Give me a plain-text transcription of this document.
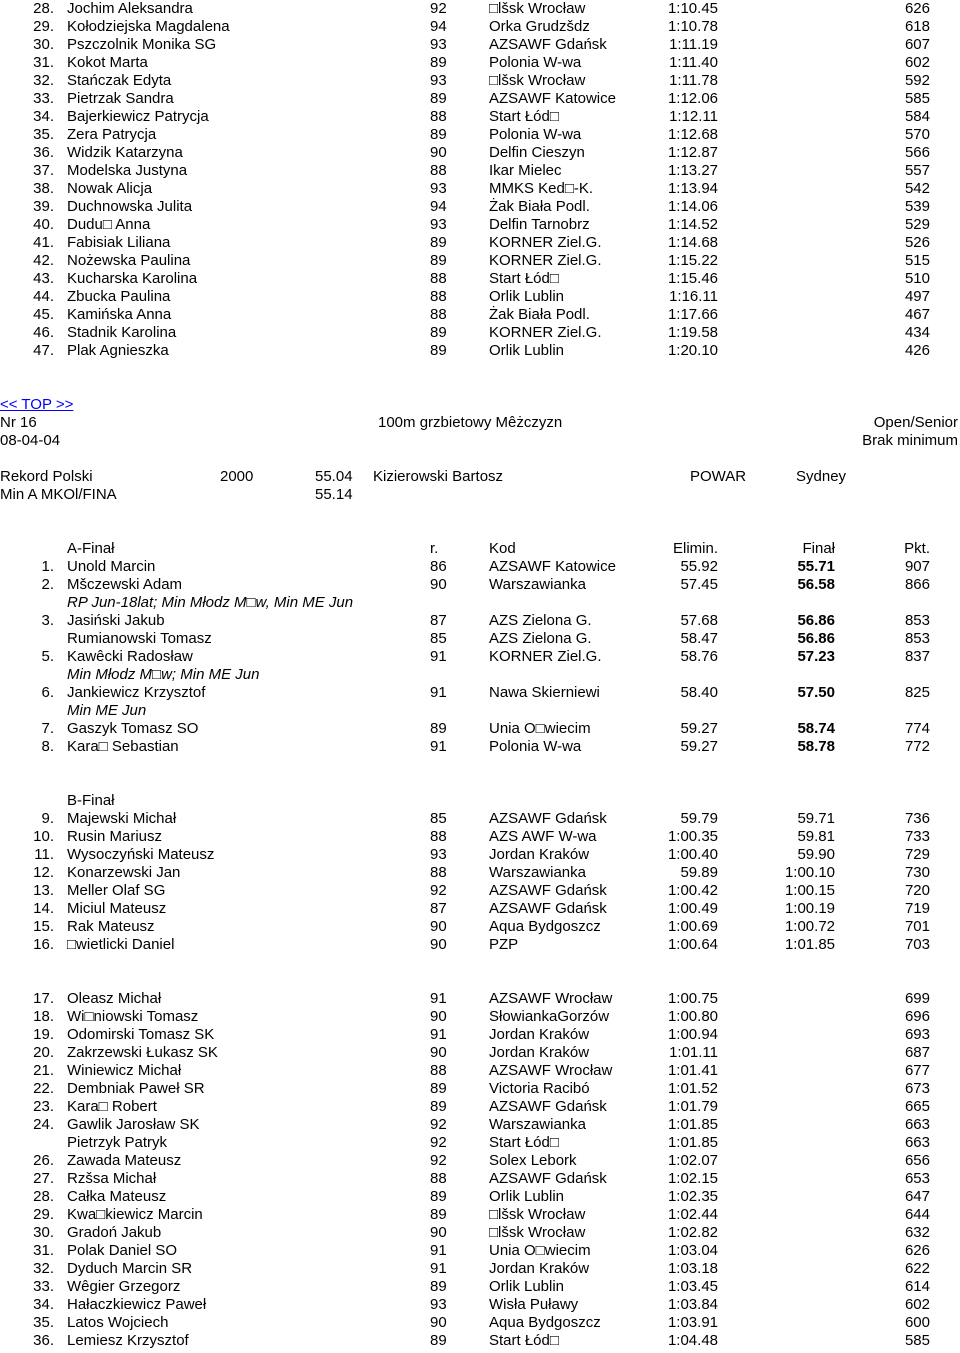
28. Jochim Aleksandra	92	□lšsk Wrocław	1:10.45	626
29. Kołodziejska Magdalena	94	Orka Grudzšdz	1:10.78	618
30. Pszczolnik Monika SG	93	AZSAWF Gdańsk	1:11.19	607
31. Kokot Marta	89	Polonia W-wa	1:11.40	602
32. Stańczak Edyta	93	□lšsk Wrocław	1:11.78	592
33. Pietrzak Sandra	89	AZSAWF Katowice	1:12.06	585
34. Bajerkiewicz Patrycja	88	Start Łód□	1:12.11	584
35. Zera Patrycja	89	Polonia W-wa	1:12.68	570
36. Widzik Katarzyna	90	Delfin Cieszyn	1:12.87	566
37. Modelska Justyna	88	Ikar Mielec	1:13.27	557
38. Nowak Alicja	93	MMKS Ked□-K.	1:13.94	542
39. Duchnowska Julita	94	Żak Biała Podl.	1:14.06	539
40. Dudu□ Anna	93	Delfin Tarnobrz	1:14.52	529
41. Fabisiak Liliana	89	KORNER Ziel.G.	1:14.68	526
42. Nożewska Paulina	89	KORNER Ziel.G.	1:15.22	515
43. Kucharska Karolina	88	Start Łód□	1:15.46	510
44. Zbucka Paulina	88	Orlik Lublin	1:16.11	497
45. Kamińska Anna	88	Żak Biała Podl.	1:17.66	467
46. Stadnik Karolina	89	KORNER Ziel.G.	1:19.58	434
47. Plak Agnieszka	89	Orlik Lublin	1:20.10	426
<< TOP >>
Nr 16	100m grzbietowy Mêżczyzn	Open/Senior
08-04-04	Brak minimum
Rekord Polski	2000	55.04 Kizierowski Bartosz	POWAR	Sydney
Min A MKOl/FINA	55.14
A-Finał	r.	Kod	Elimin.	Finał	Pkt.
1. Unold Marcin	86	AZSAWF Katowice	55.92	55.71	907
2. Mšczewski Adam	90	Warszawianka	57.45	56.58	866
RP Jun-18lat; Min Młodz M□w, Min ME Jun
3. Jasiński Jakub	87	AZS Zielona G.	57.68	56.86	853
Rumianowski Tomasz	85	AZS Zielona G.	58.47	56.86	853
5. Kawêcki Radosław	91	KORNER Ziel.G.	58.76	57.23	837
Min Młodz M□w; Min ME Jun
6. Jankiewicz Krzysztof	91	Nawa Skierniewi	58.40	57.50	825
Min ME Jun
7. Gaszyk Tomasz SO	89	Unia O□wiecim	59.27	58.74	774
8. Kara□ Sebastian	91	Polonia W-wa	59.27	58.78	772
B-Finał
9. Majewski Michał	85	AZSAWF Gdańsk	59.79	59.71	736
10. Rusin Mariusz	88	AZS AWF W-wa	1:00.35	59.81	733
11. Wysoczyński Mateusz	93	Jordan Kraków	1:00.40	59.90	729
12. Konarzewski Jan	88	Warszawianka	59.89	1:00.10	730
13. Meller Olaf SG	92	AZSAWF Gdańsk	1:00.42	1:00.15	720
14. Miciul Mateusz	87	AZSAWF Gdańsk	1:00.49	1:00.19	719
15. Rak Mateusz	90	Aqua Bydgoszcz	1:00.69	1:00.72	701
16. □wietlicki Daniel	90	PZP	1:00.64	1:01.85	703
17. Oleasz Michał	91	AZSAWF Wrocław	1:00.75	699
18. Wi□niowski Tomasz	90	SłowiankaGorzów	1:00.80	696
19. Odomirski Tomasz SK	91	Jordan Kraków	1:00.94	693
20. Zakrzewski Łukasz SK	90	Jordan Kraków	1:01.11	687
21. Winiewicz Michał	88	AZSAWF Wrocław	1:01.41	677
22. Dembniak Paweł SR	89	Victoria Racibó	1:01.52	673
23. Kara□ Robert	89	AZSAWF Gdańsk	1:01.79	665
24. Gawlik Jarosław SK	92	Warszawianka	1:01.85	663
Pietrzyk Patryk	92	Start Łód□	1:01.85	663
26. Zawada Mateusz	92	Solex Lebork	1:02.07	656
27. Rzšsa Michał	88	AZSAWF Gdańsk	1:02.15	653
28. Całka Mateusz	89	Orlik Lublin	1:02.35	647
29. Kwa□kiewicz Marcin	89	□lšsk Wrocław	1:02.44	644
30. Gradoń Jakub	90	□lšsk Wrocław	1:02.82	632
31. Polak Daniel SO	91	Unia O□wiecim	1:03.04	626
32. Dyduch Marcin SR	91	Jordan Kraków	1:03.18	622
33. Wêgier Grzegorz	89	Orlik Lublin	1:03.45	614
34. Hałaczkiewicz Paweł	93	Wisła Puławy	1:03.84	602
35. Latos Wojciech	90	Aqua Bydgoszcz	1:03.91	600
36. Lemiesz Krzysztof	89	Start Łód□	1:04.48	585
